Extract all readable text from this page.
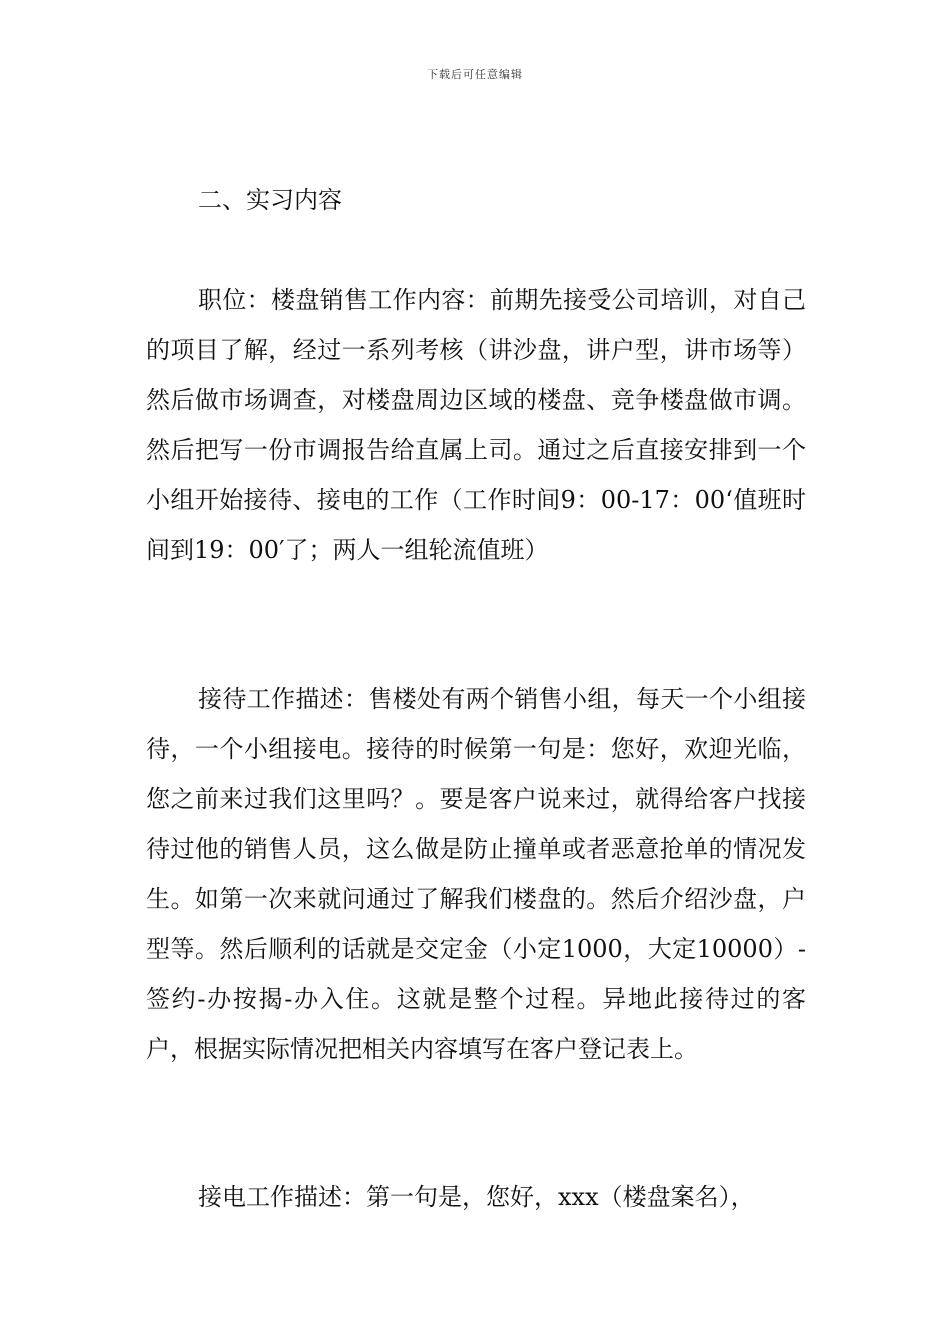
下载后可任意编辑
二、实习内容

职位：楼盘销售工作内容：前期先接受公司培训，对自己的项目了解，经过一系列考核（讲沙盘，讲户型，讲市场等）然后做市场调查，对楼盘周边区域的楼盘、竞争楼盘做市调。然后把写一份市调报告给直属上司。通过之后直接安排到一个小组开始接待、接电的工作（工作时间9：00-17：00‘值班时间到19：00′了；两人一组轮流值班）

接待工作描述：售楼处有两个销售小组，每天一个小组接待，一个小组接电。接待的时候第一句是：您好，欢迎光临，您之前来过我们这里吗？。要是客户说来过，就得给客户找接待过他的销售人员，这么做是防止撞单或者恶意抢单的情况发生。如第一次来就问通过了解我们楼盘的。然后介绍沙盘，户型等。然后顺利的话就是交定金（小定1000，大定10000）-签约-办按揭-办入住。这就是整个过程。异地此接待过的客户，根据实际情况把相关内容填写在客户登记表上。

接电工作描述：第一句是，您好，xxx（楼盘案名），
